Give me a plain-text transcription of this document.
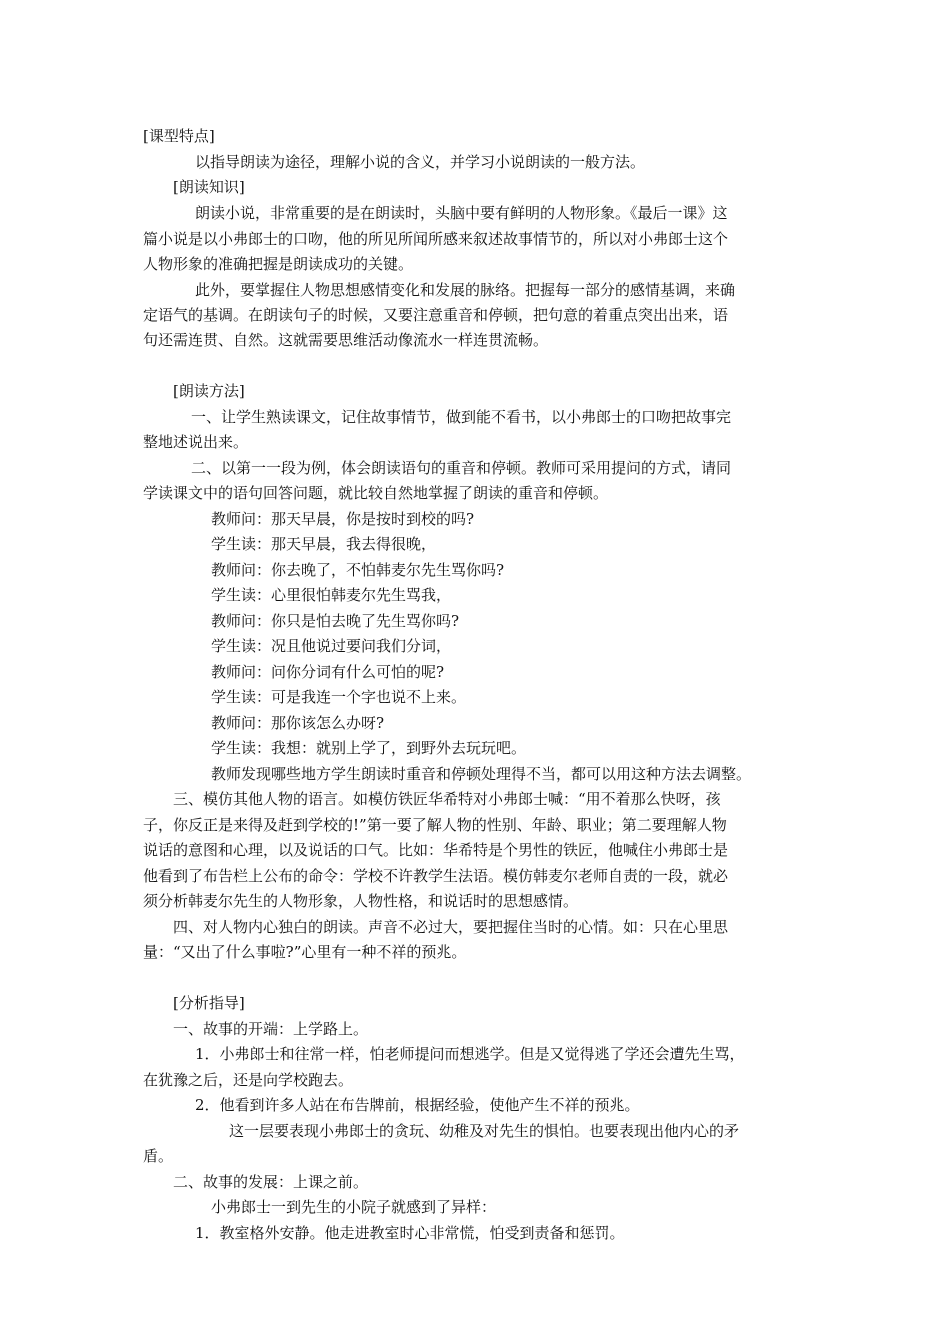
[课型特点]
以指导朗读为途径，理解小说的含义，并学习小说朗读的一般方法。
[朗读知识]
朗读小说，非常重要的是在朗读时，头脑中要有鲜明的人物形象。《最后一课》这
篇小说是以小弗郎士的口吻，他的所见所闻所感来叙述故事情节的，所以对小弗郎士这个
人物形象的准确把握是朗读成功的关键。
此外，要掌握住人物思想感情变化和发展的脉络。把握每一部分的感情基调，来确
定语气的基调。在朗读句子的时候，又要注意重音和停顿，把句意的着重点突出出来，语
句还需连贯、自然。这就需要思维活动像流水一样连贯流畅。
[朗读方法]
一、让学生熟读课文，记住故事情节，做到能不看书，以小弗郎士的口吻把故事完
整地述说出来。
二、以第一一段为例，体会朗读语句的重音和停顿。教师可采用提问的方式，请同
学读课文中的语句回答问题，就比较自然地掌握了朗读的重音和停顿。
教师问：那天早晨，你是按时到校的吗?
学生读：那天早晨，我去得很晚，
教师问：你去晚了，不怕韩麦尔先生骂你吗?
学生读：心里很怕韩麦尔先生骂我，
教师问：你只是怕去晚了先生骂你吗?
学生读：况且他说过要问我们分词，
教师问：问你分词有什么可怕的呢?
学生读：可是我连一个字也说不上来。
教师问：那你该怎么办呀?
学生读：我想：就别上学了，到野外去玩玩吧。
教师发现哪些地方学生朗读时重音和停顿处理得不当，都可以用这种方法去调整。
三、模仿其他人物的语言。如模仿铁匠华希特对小弗郎士喊：“用不着那么快呀，孩
子，你反正是来得及赶到学校的!”第一要了解人物的性别、年龄、职业；第二要理解人物
说话的意图和心理，以及说话的口气。比如：华希特是个男性的铁匠，他喊住小弗郎士是
他看到了布告栏上公布的命令：学校不许教学生法语。模仿韩麦尔老师自责的一段，就必
须分析韩麦尔先生的人物形象，人物性格，和说话时的思想感情。
四、对人物内心独白的朗读。声音不必过大，要把握住当时的心情。如：只在心里思
量：“又出了什么事啦?”心里有一种不祥的预兆。
[分析指导]
一、故事的开端：上学路上。
1．小弗郎士和往常一样，怕老师提问而想逃学。但是又觉得逃了学还会遭先生骂，
在犹豫之后，还是向学校跑去。
2．他看到许多人站在布告牌前，根据经验，使他产生不祥的预兆。
这一层要表现小弗郎士的贪玩、幼稚及对先生的惧怕。也要表现出他内心的矛
盾。
二、故事的发展：上课之前。
小弗郎士一到先生的小院子就感到了异样：
1．教室格外安静。他走进教室时心非常慌，怕受到责备和惩罚。
